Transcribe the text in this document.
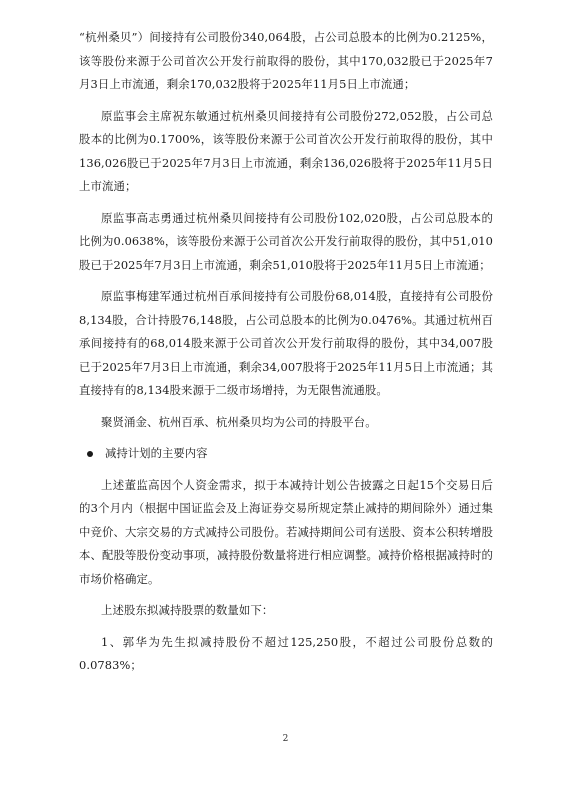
“杭州桑贝”）间接持有公司股份340,064股，占公司总股本的比例为0.2125%，该等股份来源于公司首次公开发行前取得的股份，其中170,032股已于2025年7月3日上市流通，剩余170,032股将于2025年11月5日上市流通；

原监事会主席祝东敏通过杭州桑贝间接持有公司股份272,052股，占公司总股本的比例为0.1700%，该等股份来源于公司首次公开发行前取得的股份，其中136,026股已于2025年7月3日上市流通，剩余136,026股将于2025年11月5日上市流通；

原监事高志勇通过杭州桑贝间接持有公司股份102,020股，占公司总股本的比例为0.0638%，该等股份来源于公司首次公开发行前取得的股份，其中51,010股已于2025年7月3日上市流通，剩余51,010股将于2025年11月5日上市流通；

原监事梅建军通过杭州百承间接持有公司股份68,014股，直接持有公司股份8,134股，合计持股76,148股，占公司总股本的比例为0.0476%。其通过杭州百承间接持有的68,014股来源于公司首次公开发行前取得的股份，其中34,007股已于2025年7月3日上市流通，剩余34,007股将于2025年11月5日上市流通；其直接持有的8,134股来源于二级市场增持，为无限售流通股。

聚贤涌金、杭州百承、杭州桑贝均为公司的持股平台。

减持计划的主要内容

上述董监高因个人资金需求，拟于本减持计划公告披露之日起15个交易日后的3个月内（根据中国证监会及上海证券交易所规定禁止减持的期间除外）通过集中竞价、大宗交易的方式减持公司股份。若减持期间公司有送股、资本公积转增股本、配股等股份变动事项，减持股份数量将进行相应调整。减持价格根据减持时的市场价格确定。

上述股东拟减持股票的数量如下：

1、郭华为先生拟减持股份不超过125,250股，不超过公司股份总数的0.0783%；

2
